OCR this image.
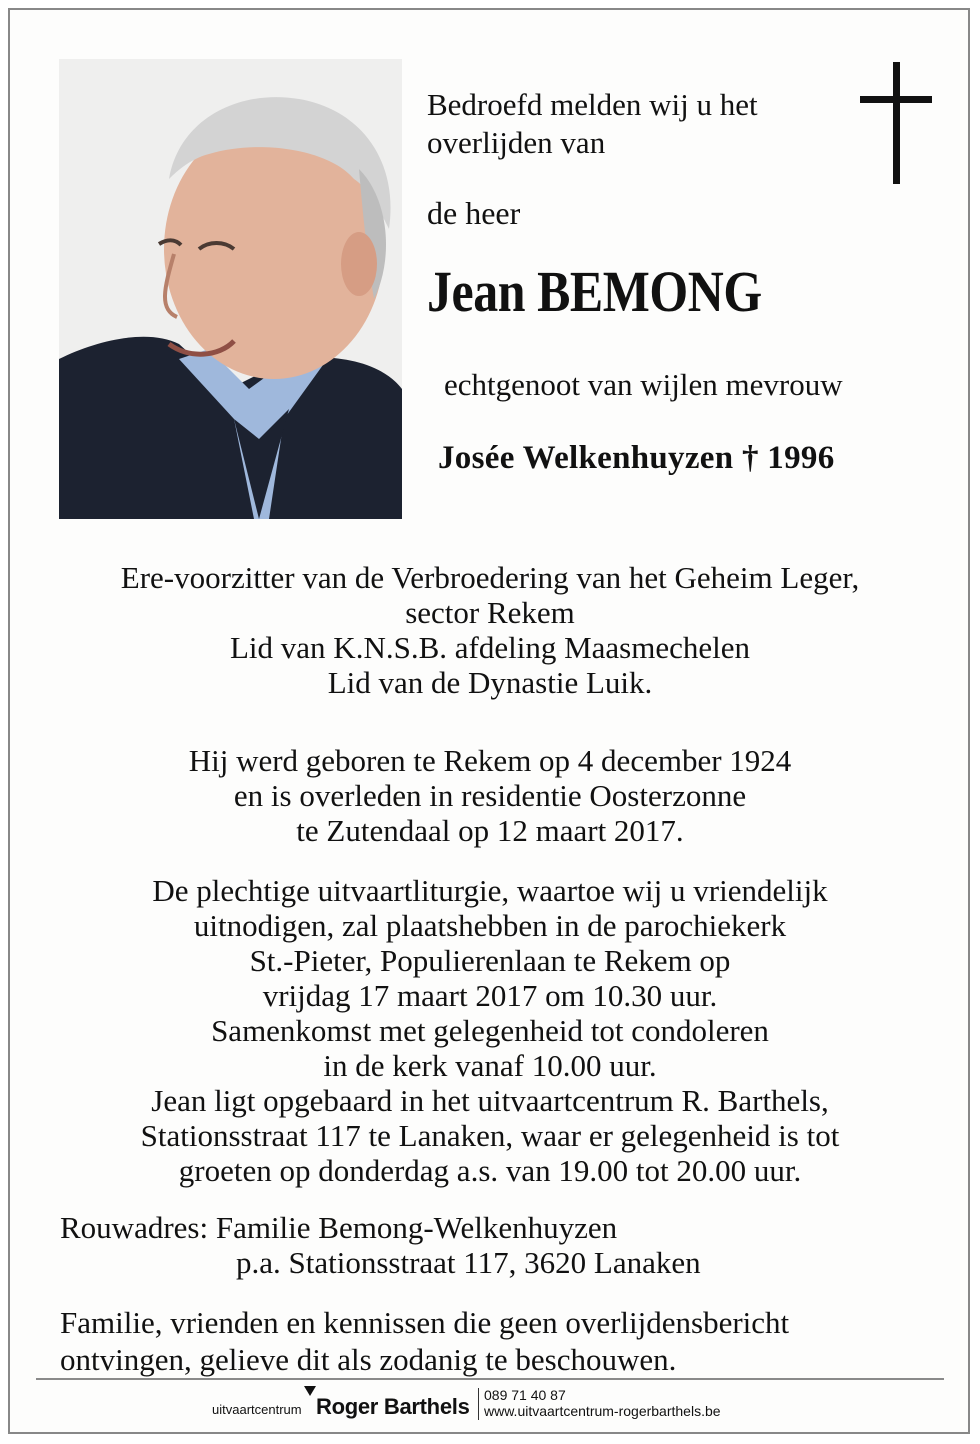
Bedroefd melden wij u het
overlijden van
de heer
Jean BEMONG
echtgenoot van wijlen mevrouw
Josée Welkenhuyzen † 1996
Ere-voorzitter van de Verbroedering van het Geheim Leger,
sector Rekem
Lid van K.N.S.B. afdeling Maasmechelen
Lid van de Dynastie Luik.
Hij werd geboren te Rekem op 4 december 1924
en is overleden in residentie Oosterzonne
te Zutendaal op 12 maart 2017.
De plechtige uitvaartliturgie, waartoe wij u vriendelijk
uitnodigen, zal plaatshebben in de parochiekerk
St.-Pieter, Populierenlaan te Rekem op
vrijdag 17 maart 2017 om 10.30 uur.
Samenkomst met gelegenheid tot condoleren
in de kerk vanaf 10.00 uur.
Jean ligt opgebaard in het uitvaartcentrum R. Barthels,
Stationsstraat 117 te Lanaken, waar er gelegenheid is tot
groeten op donderdag a.s. van 19.00 tot 20.00 uur.
Rouwadres: Familie Bemong-Welkenhuyzen
p.a. Stationsstraat 117, 3620 Lanaken
Familie, vrienden en kennissen die geen overlijdensbericht
ontvingen, gelieve dit als zodanig te beschouwen.
uitvaartcentrum Roger Barthels 089 71 40 87
www.uitvaartcentrum-rogerbarthels.be
